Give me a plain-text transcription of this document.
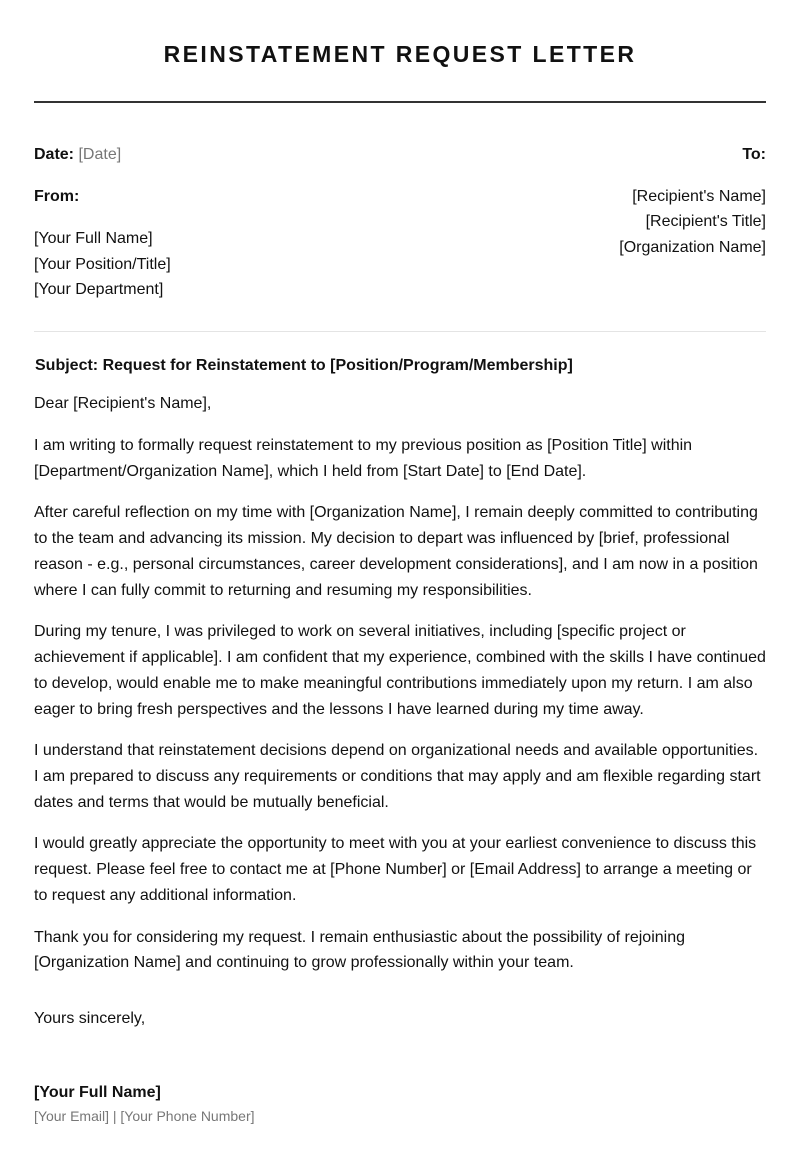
REINSTATEMENT REQUEST LETTER
Date: [Date]
From:
[Your Full Name]
[Your Position/Title]
[Your Department]
To:
[Recipient's Name]
[Recipient's Title]
[Organization Name]
Subject: Request for Reinstatement to [Position/Program/Membership]

Dear [Recipient's Name],

I am writing to formally request reinstatement to my previous position as [Position Title] within [Department/Organization Name], which I held from [Start Date] to [End Date].

After careful reflection on my time with [Organization Name], I remain deeply committed to contributing to the team and advancing its mission. My decision to depart was influenced by [brief, professional reason - e.g., personal circumstances, career development considerations], and I am now in a position where I can fully commit to returning and resuming my responsibilities.

During my tenure, I was privileged to work on several initiatives, including [specific project or achievement if applicable]. I am confident that my experience, combined with the skills I have continued to develop, would enable me to make meaningful contributions immediately upon my return. I am also eager to bring fresh perspectives and the lessons I have learned during my time away.

I understand that reinstatement decisions depend on organizational needs and available opportunities. I am prepared to discuss any requirements or conditions that may apply and am flexible regarding start dates and terms that would be mutually beneficial.

I would greatly appreciate the opportunity to meet with you at your earliest convenience to discuss this request. Please feel free to contact me at [Phone Number] or [Email Address] to arrange a meeting or to request any additional information.

Thank you for considering my request. I remain enthusiastic about the possibility of rejoining [Organization Name] and continuing to grow professionally within your team.

Yours sincerely,

[Your Full Name]
[Your Email] | [Your Phone Number]
